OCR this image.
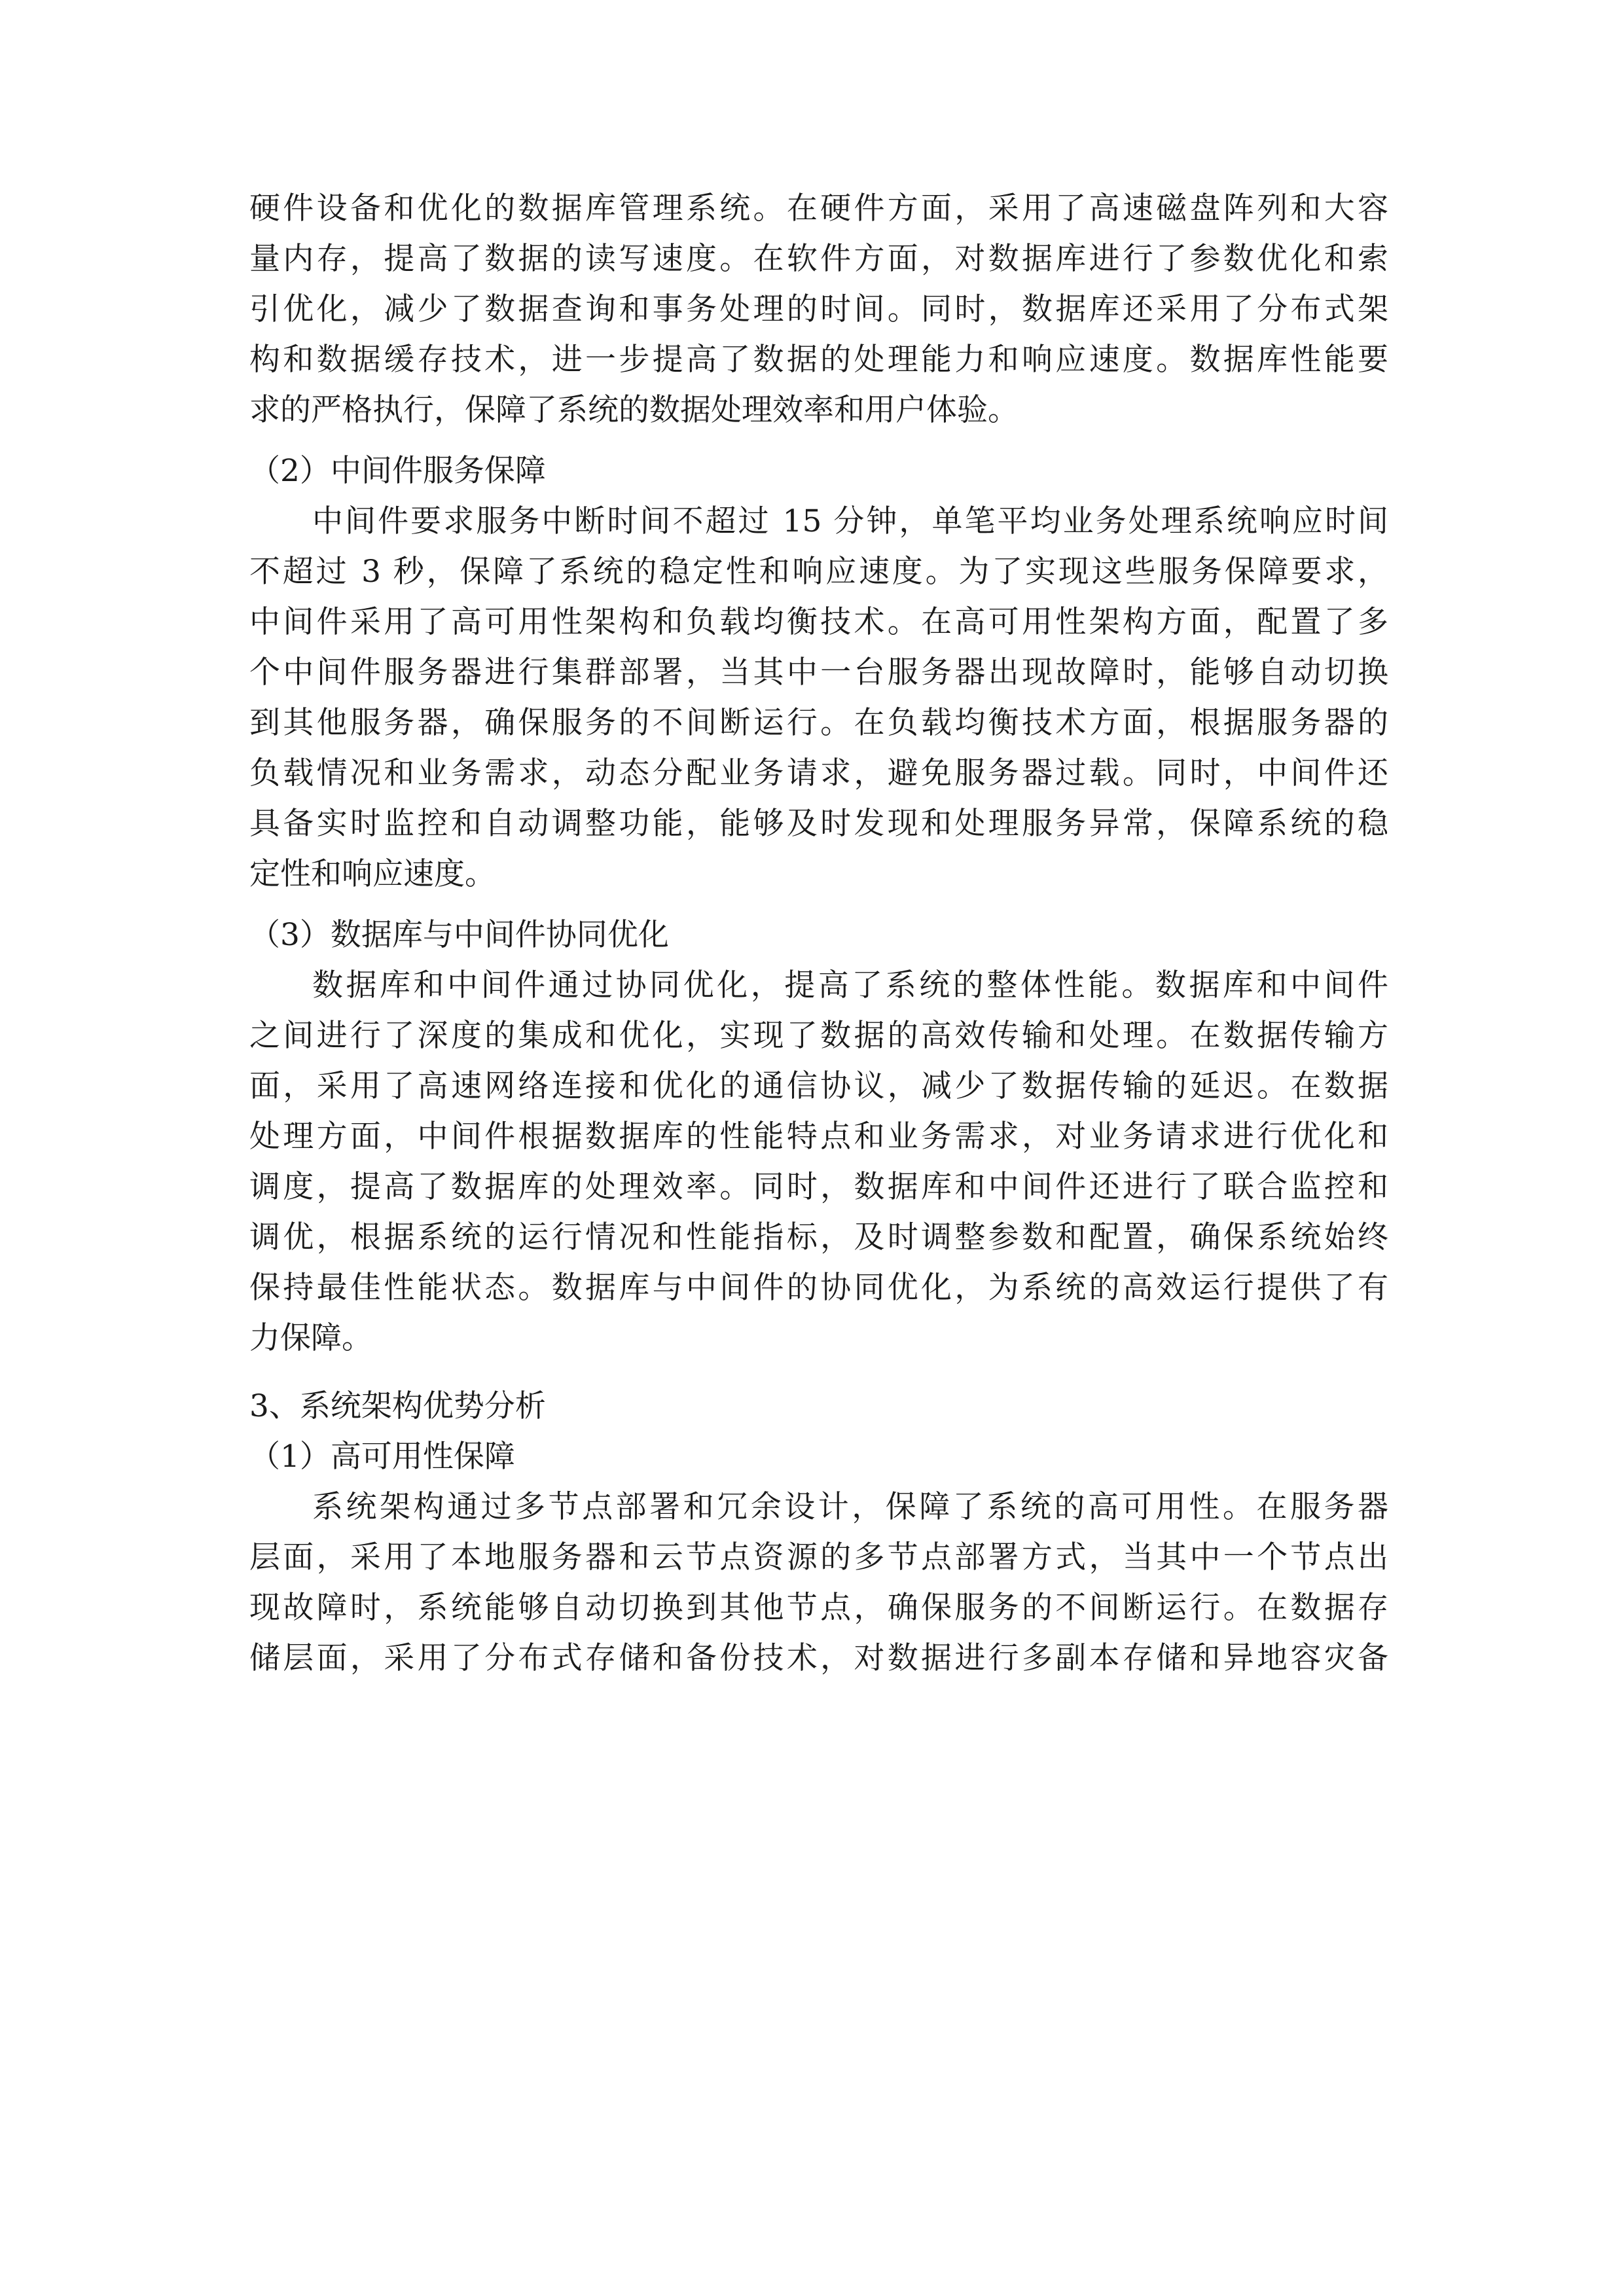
硬件设备和优化的数据库管理系统。在硬件方面，采用了高速磁盘阵列和大容
量内存，提高了数据的读写速度。在软件方面，对数据库进行了参数优化和索
引优化，减少了数据查询和事务处理的时间。同时，数据库还采用了分布式架
构和数据缓存技术，进一步提高了数据的处理能力和响应速度。数据库性能要
求的严格执行，保障了系统的数据处理效率和用户体验。
（2）中间件服务保障
中间件要求服务中断时间不超过 15 分钟，单笔平均业务处理系统响应时间
不超过 3 秒，保障了系统的稳定性和响应速度。为了实现这些服务保障要求，
中间件采用了高可用性架构和负载均衡技术。在高可用性架构方面，配置了多
个中间件服务器进行集群部署，当其中一台服务器出现故障时，能够自动切换
到其他服务器，确保服务的不间断运行。在负载均衡技术方面，根据服务器的
负载情况和业务需求，动态分配业务请求，避免服务器过载。同时，中间件还
具备实时监控和自动调整功能，能够及时发现和处理服务异常，保障系统的稳
定性和响应速度。
（3）数据库与中间件协同优化
数据库和中间件通过协同优化，提高了系统的整体性能。数据库和中间件
之间进行了深度的集成和优化，实现了数据的高效传输和处理。在数据传输方
面，采用了高速网络连接和优化的通信协议，减少了数据传输的延迟。在数据
处理方面，中间件根据数据库的性能特点和业务需求，对业务请求进行优化和
调度，提高了数据库的处理效率。同时，数据库和中间件还进行了联合监控和
调优，根据系统的运行情况和性能指标，及时调整参数和配置，确保系统始终
保持最佳性能状态。数据库与中间件的协同优化，为系统的高效运行提供了有
力保障。
3、系统架构优势分析
（1）高可用性保障
系统架构通过多节点部署和冗余设计，保障了系统的高可用性。在服务器
层面，采用了本地服务器和云节点资源的多节点部署方式，当其中一个节点出
现故障时，系统能够自动切换到其他节点，确保服务的不间断运行。在数据存
储层面，采用了分布式存储和备份技术，对数据进行多副本存储和异地容灾备
